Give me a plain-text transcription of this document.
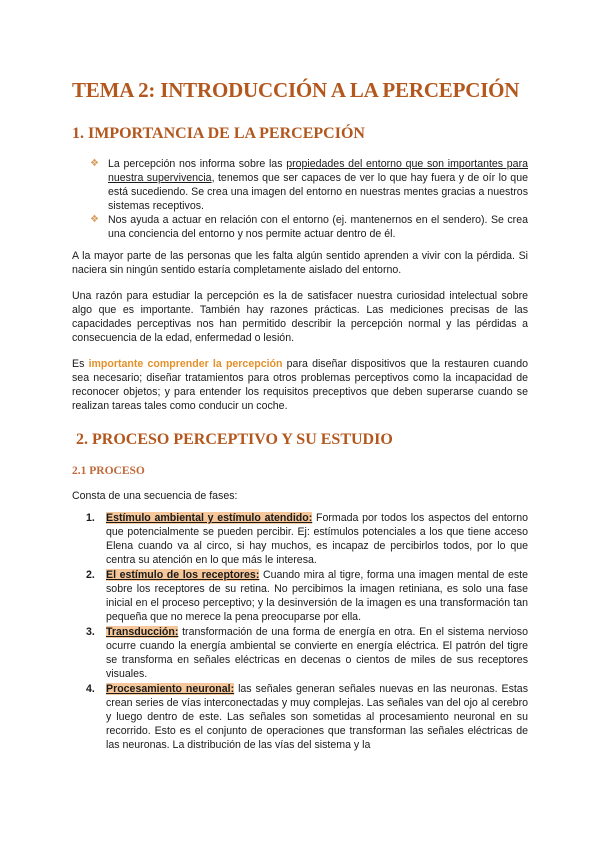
TEMA 2: INTRODUCCIÓN A LA PERCEPCIÓN
1. IMPORTANCIA DE LA PERCEPCIÓN
❖ La percepción nos informa sobre las propiedades del entorno que son importantes para nuestra supervivencia, tenemos que ser capaces de ver lo que hay fuera y de oír lo que está sucediendo. Se crea una imagen del entorno en nuestras mentes gracias a nuestros sistemas receptivos.
❖ Nos ayuda a actuar en relación con el entorno (ej. mantenernos en el sendero). Se crea una conciencia del entorno y nos permite actuar dentro de él.

A la mayor parte de las personas que les falta algún sentido aprenden a vivir con la pérdida. Si naciera sin ningún sentido estaría completamente aislado del entorno.

Una razón para estudiar la percepción es la de satisfacer nuestra curiosidad intelectual sobre algo que es importante. También hay razones prácticas. Las mediciones precisas de las capacidades perceptivas nos han permitido describir la percepción normal y las pérdidas a consecuencia de la edad, enfermedad o lesión.

Es importante comprender la percepción para diseñar dispositivos que la restauren cuando sea necesario; diseñar tratamientos para otros problemas perceptivos como la incapacidad de reconocer objetos; y para entender los requisitos preceptivos que deben superarse cuando se realizan tareas tales como conducir un coche.

2. PROCESO PERCEPTIVO Y SU ESTUDIO
2.1 PROCESO

Consta de una secuencia de fases:

1. Estímulo ambiental y estímulo atendido: Formada por todos los aspectos del entorno que potencialmente se pueden percibir. Ej: estímulos potenciales a los que tiene acceso Elena cuando va al circo, si hay muchos, es incapaz de percibirlos todos, por lo que centra su atención en lo que más le interesa.
2. El estímulo de los receptores: Cuando mira al tigre, forma una imagen mental de este sobre los receptores de su retina. No percibimos la imagen retiniana, es solo una fase inicial en el proceso perceptivo; y la desinversión de la imagen es una transformación tan pequeña que no merece la pena preocuparse por ella.
3. Transducción: transformación de una forma de energía en otra. En el sistema nervioso ocurre cuando la energía ambiental se convierte en energía eléctrica. El patrón del tigre se transforma en señales eléctricas en decenas o cientos de miles de sus receptores visuales.
4. Procesamiento neuronal: las señales generan señales nuevas en las neuronas. Estas crean series de vías interconectadas y muy complejas. Las señales van del ojo al cerebro y luego dentro de este. Las señales son sometidas al procesamiento neuronal en su recorrido. Esto es el conjunto de operaciones que transforman las señales eléctricas de las neuronas. La distribución de las vías del sistema y la
